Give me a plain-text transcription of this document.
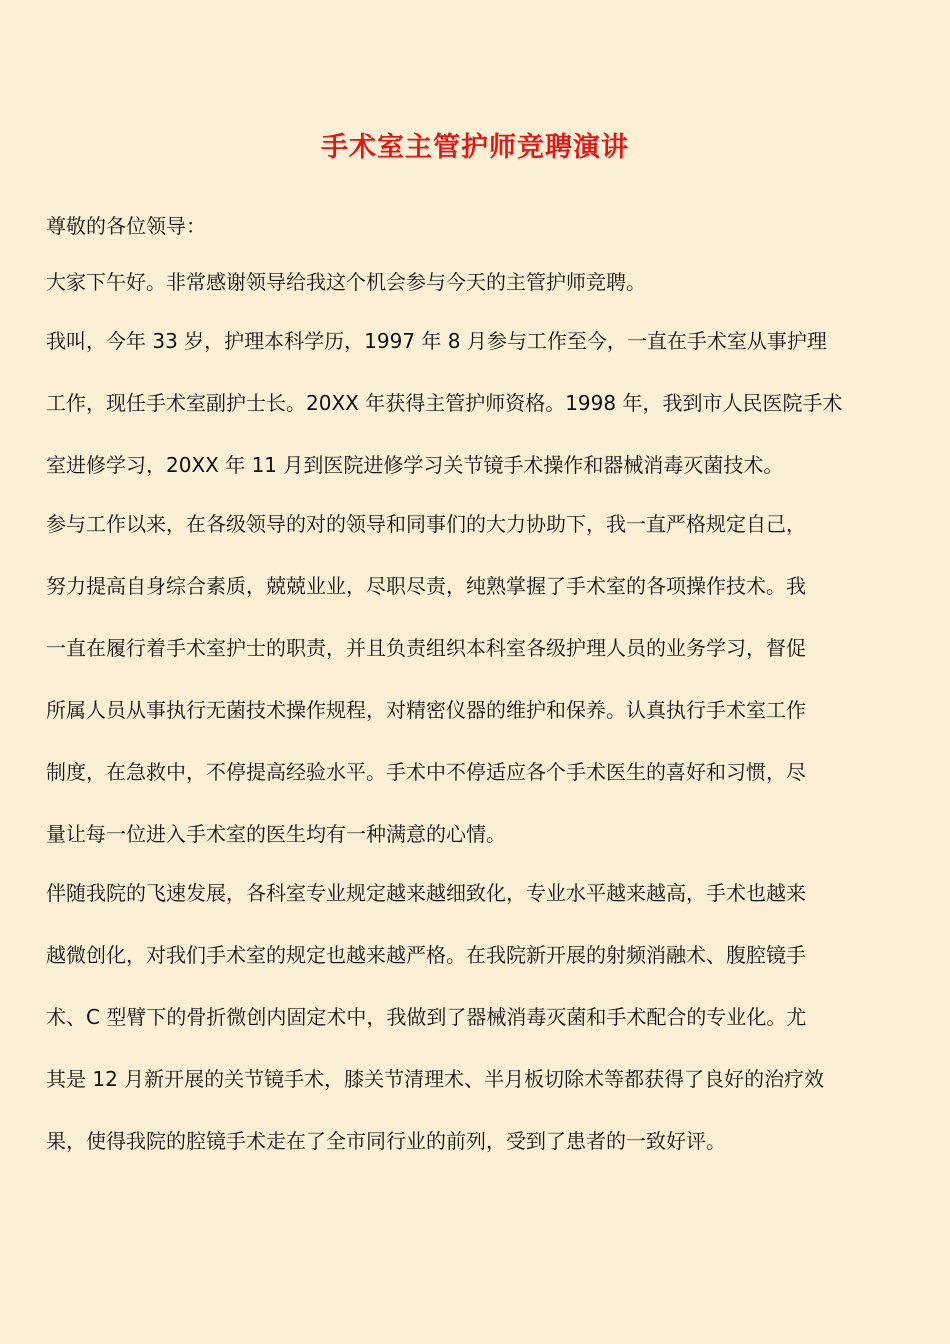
手术室主管护师竞聘演讲
尊敬的各位领导：
大家下午好。非常感谢领导给我这个机会参与今天的主管护师竞聘。
我叫，今年 33 岁，护理本科学历，1997 年 8 月参与工作至今，一直在手术室从事护理
工作，现任手术室副护士长。20XX 年获得主管护师资格。1998 年，我到市人民医院手术
室进修学习，20XX 年 11 月到医院进修学习关节镜手术操作和器械消毒灭菌技术。
参与工作以来，在各级领导的对的领导和同事们的大力协助下，我一直严格规定自己，
努力提高自身综合素质，兢兢业业，尽职尽责，纯熟掌握了手术室的各项操作技术。我
一直在履行着手术室护士的职责，并且负责组织本科室各级护理人员的业务学习，督促
所属人员从事执行无菌技术操作规程，对精密仪器的维护和保养。认真执行手术室工作
制度，在急救中，不停提高经验水平。手术中不停适应各个手术医生的喜好和习惯，尽
量让每一位进入手术室的医生均有一种满意的心情。
伴随我院的飞速发展，各科室专业规定越来越细致化，专业水平越来越高，手术也越来
越微创化，对我们手术室的规定也越来越严格。在我院新开展的射频消融术、腹腔镜手
术、C 型臂下的骨折微创内固定术中，我做到了器械消毒灭菌和手术配合的专业化。尤
其是 12 月新开展的关节镜手术，膝关节清理术、半月板切除术等都获得了良好的治疗效
果，使得我院的腔镜手术走在了全市同行业的前列，受到了患者的一致好评。
